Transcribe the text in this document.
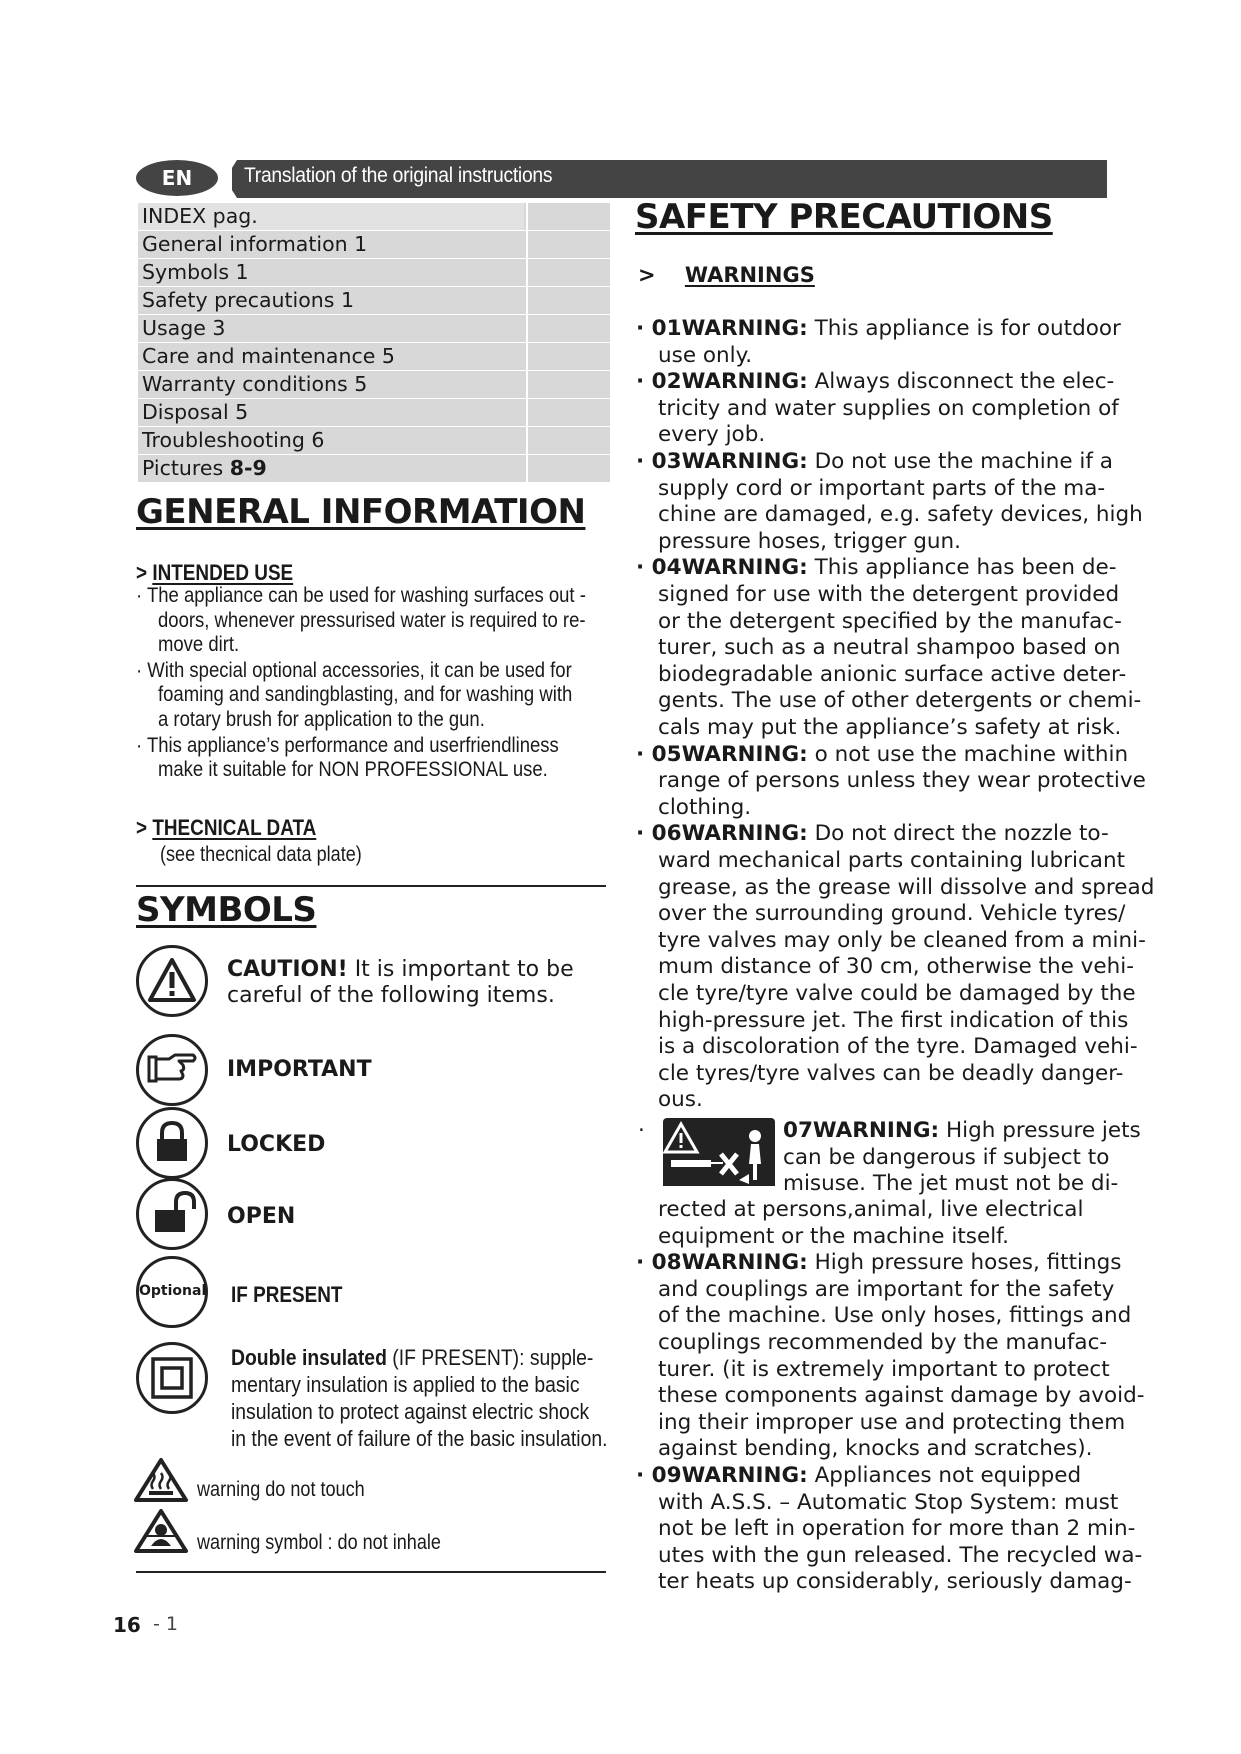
Translation of the original instructions
EN
INDEX pag.
General information 1
Symbols 1
Safety precautions 1
Usage 3
Care and maintenance 5
Warranty conditions 5
Disposal 5
Troubleshooting 6
Pictures 8-9
GENERAL INFORMATION
> INTENDED USE
· The appliance can be used for washing surfaces out -
doors, whenever pressurised water is required to re-
move dirt.
· With special optional accessories, it can be used for
foaming and sandingblasting, and for washing with
a rotary brush for application to the gun.
· This appliance’s performance and userfriendliness
make it suitable for NON PROFESSIONAL use.
> THECNICAL DATA
(see thecnical data plate)
SYMBOLS
CAUTION! It is important to be
careful of the following items.
IMPORTANT
LOCKED
OPEN
Optional IF PRESENT
Double insulated (IF PRESENT): supple-
mentary insulation is applied to the basic
insulation to protect against electric shock
in the event of failure of the basic insulation.
warning do not touch
warning symbol : do not inhale
SAFETY PRECAUTIONS
>    WARNINGS
· 01WARNING: This appliance is for outdoor
use only.
· 02WARNING: Always disconnect the elec-
tricity and water supplies on completion of
every job.
· 03WARNING: Do not use the machine if a
supply cord or important parts of the ma-
chine are damaged, e.g. safety devices, high
pressure hoses, trigger gun.
· 04WARNING: This appliance has been de-
signed for use with the detergent provided
or the detergent specified by the manufac-
turer, such as a neutral shampoo based on
biodegradable anionic surface active deter-
gents. The use of other detergents or chemi-
cals may put the appliance’s safety at risk.
· 05WARNING: o not use the machine within
range of persons unless they wear protective
clothing.
· 06WARNING: Do not direct the nozzle to-
ward mechanical parts containing lubricant
grease, as the grease will dissolve and spread
over the surrounding ground. Vehicle tyres/
tyre valves may only be cleaned from a mini-
mum distance of 30 cm, otherwise the vehi-
cle tyre/tyre valve could be damaged by the
high-pressure jet. The first indication of this
is a discoloration of the tyre. Damaged vehi-
cle tyres/tyre valves can be deadly danger-
ous.
·	07WARNING: High pressure jets
can be dangerous if subject to
misuse. The jet must not be di-
rected at persons,animal, live electrical
equipment or the machine itself.
· 08WARNING: High pressure hoses, fittings
and couplings are important for the safety
of the machine. Use only hoses, fittings and
couplings recommended by the manufac-
turer. (it is extremely important to protect
these components against damage by avoid-
ing their improper use and protecting them
against bending, knocks and scratches).
· 09WARNING: Appliances not equipped
with A.S.S. – Automatic Stop System: must
not be left in operation for more than 2 min-
utes with the gun released. The recycled wa-
ter heats up considerably, seriously damag-
16 - 1
